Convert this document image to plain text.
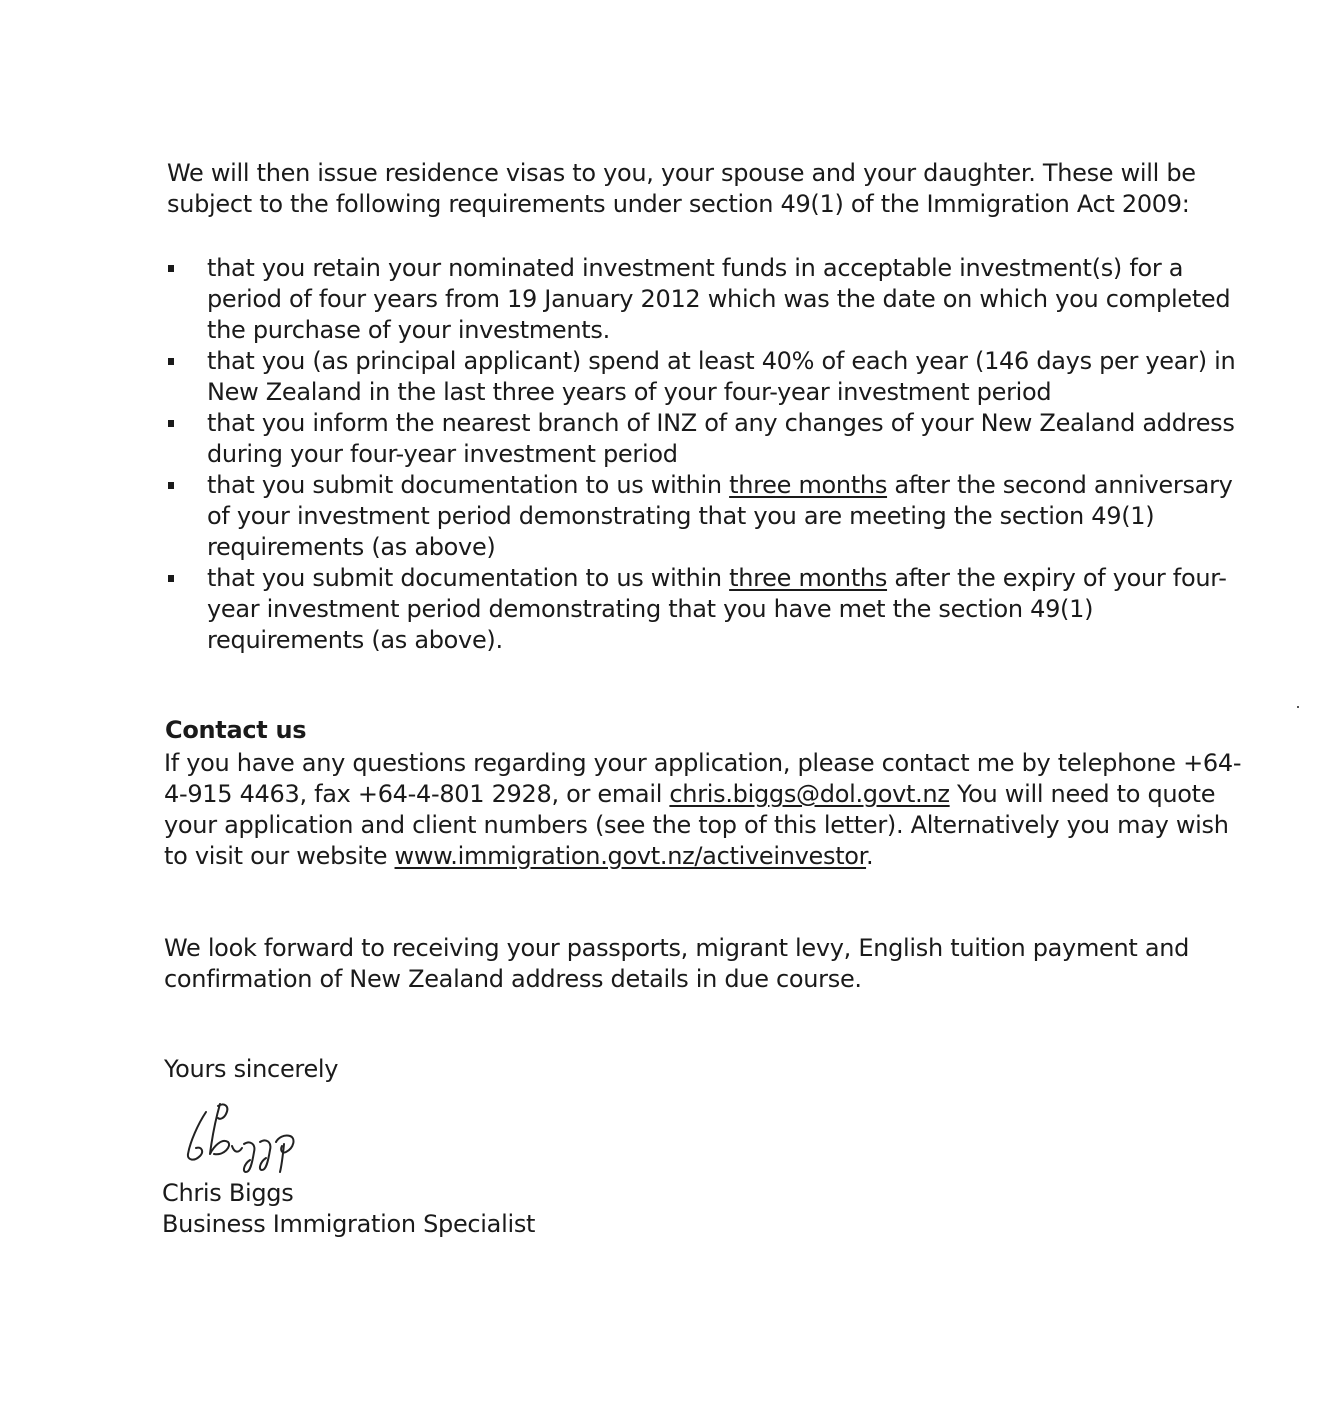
We will then issue residence visas to you, your spouse and your daughter. These will be subject to the following requirements under section 49(1) of the Immigration Act 2009:
that you retain your nominated investment funds in acceptable investment(s) for a period of four years from 19 January 2012 which was the date on which you completed the purchase of your investments.
that you (as principal applicant) spend at least 40% of each year (146 days per year) in New Zealand in the last three years of your four-year investment period
that you inform the nearest branch of INZ of any changes of your New Zealand address during your four-year investment period
that you submit documentation to us within three months after the second anniversary of your investment period demonstrating that you are meeting the section 49(1) requirements (as above)
that you submit documentation to us within three months after the expiry of your four-year investment period demonstrating that you have met the section 49(1) requirements (as above).
Contact us
If you have any questions regarding your application, please contact me by telephone +64-4-915 4463, fax +64-4-801 2928, or email chris.biggs@dol.govt.nz You will need to quote your application and client numbers (see the top of this letter). Alternatively you may wish to visit our website www.immigration.govt.nz/activeinvestor.
We look forward to receiving your passports, migrant levy, English tuition payment and confirmation of New Zealand address details in due course.
Yours sincerely
Chris Biggs
Business Immigration Specialist
